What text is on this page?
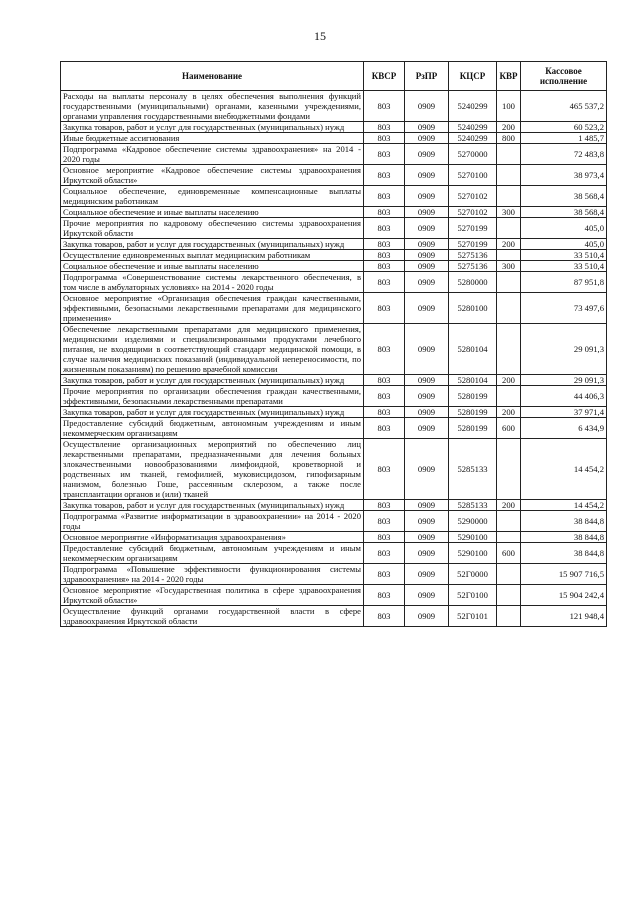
15
Наименование	КВСР	РзПР	КЦСР	КВР	Кассовое исполнение
Расходы на выплаты персоналу в целях обеспечения выполнения функций государственными (муниципальными) органами, казенными учреждениями, органами управления государственными внебюджетными фондами	803	0909	5240299	100	465 537,2
Закупка товаров, работ и услуг для государственных (муниципальных) нужд	803	0909	5240299	200	60 523,2
Иные бюджетные ассигнования	803	0909	5240299	800	1 485,7
Подпрограмма «Кадровое обеспечение системы здравоохранения» на 2014 - 2020 годы	803	0909	5270000		72 483,8
Основное мероприятие «Кадровое обеспечение системы здравоохранения Иркутской области»	803	0909	5270100		38 973,4
Социальное обеспечение, единовременные компенсационные выплаты медицинским работникам	803	0909	5270102		38 568,4
Социальное обеспечение и иные выплаты населению	803	0909	5270102	300	38 568,4
Прочие мероприятия по кадровому обеспечению системы здравоохранения Иркутской области	803	0909	5270199		405,0
Закупка товаров, работ и услуг для государственных (муниципальных) нужд	803	0909	5270199	200	405,0
Осуществление единовременных выплат медицинским работникам	803	0909	5275136		33 510,4
Социальное обеспечение и иные выплаты населению	803	0909	5275136	300	33 510,4
Подпрограмма «Совершенствование системы лекарственного обеспечения, в том числе в амбулаторных условиях» на 2014 - 2020 годы	803	0909	5280000		87 951,8
Основное мероприятие «Организация обеспечения граждан качественными, эффективными, безопасными лекарственными препаратами для медицинского применения»	803	0909	5280100		73 497,6
Обеспечение лекарственными препаратами для медицинского применения, медицинскими изделиями и специализированными продуктами лечебного питания, не входящими в соответствующий стандарт медицинской помощи, в случае наличия медицинских показаний (индивидуальной непереносимости, по жизненным показаниям) по решению врачебной комиссии	803	0909	5280104		29 091,3
Закупка товаров, работ и услуг для государственных (муниципальных) нужд	803	0909	5280104	200	29 091,3
Прочие мероприятия по организации обеспечения граждан качественными, эффективными, безопасными лекарственными препаратами	803	0909	5280199		44 406,3
Закупка товаров, работ и услуг для государственных (муниципальных) нужд	803	0909	5280199	200	37 971,4
Предоставление субсидий бюджетным, автономным учреждениям и иным некоммерческим организациям	803	0909	5280199	600	6 434,9
Осуществление организационных мероприятий по обеспечению лиц лекарственными препаратами, предназначенными для лечения больных злокачественными новообразованиями лимфоидной, кроветворной и родственных им тканей, гемофилией, муковисцидозом, гипофизарным нанизмом, болезнью Гоше, рассеянным склерозом, а также после трансплантации органов и (или) тканей	803	0909	5285133		14 454,2
Закупка товаров, работ и услуг для государственных (муниципальных) нужд	803	0909	5285133	200	14 454,2
Подпрограмма «Развитие информатизации в здравоохранении» на 2014 - 2020 годы	803	0909	5290000		38 844,8
Основное мероприятие «Информатизация здравоохранения»	803	0909	5290100		38 844,8
Предоставление субсидий бюджетным, автономным учреждениям и иным некоммерческим организациям	803	0909	5290100	600	38 844,8
Подпрограмма «Повышение эффективности функционирования системы здравоохранения» на 2014 - 2020 годы	803	0909	52Г0000		15 907 716,5
Основное мероприятие «Государственная политика в сфере здравоохранения Иркутской области»	803	0909	52Г0100		15 904 242,4
Осуществление функций органами государственной власти в сфере здравоохранения Иркутской области	803	0909	52Г0101		121 948,4
